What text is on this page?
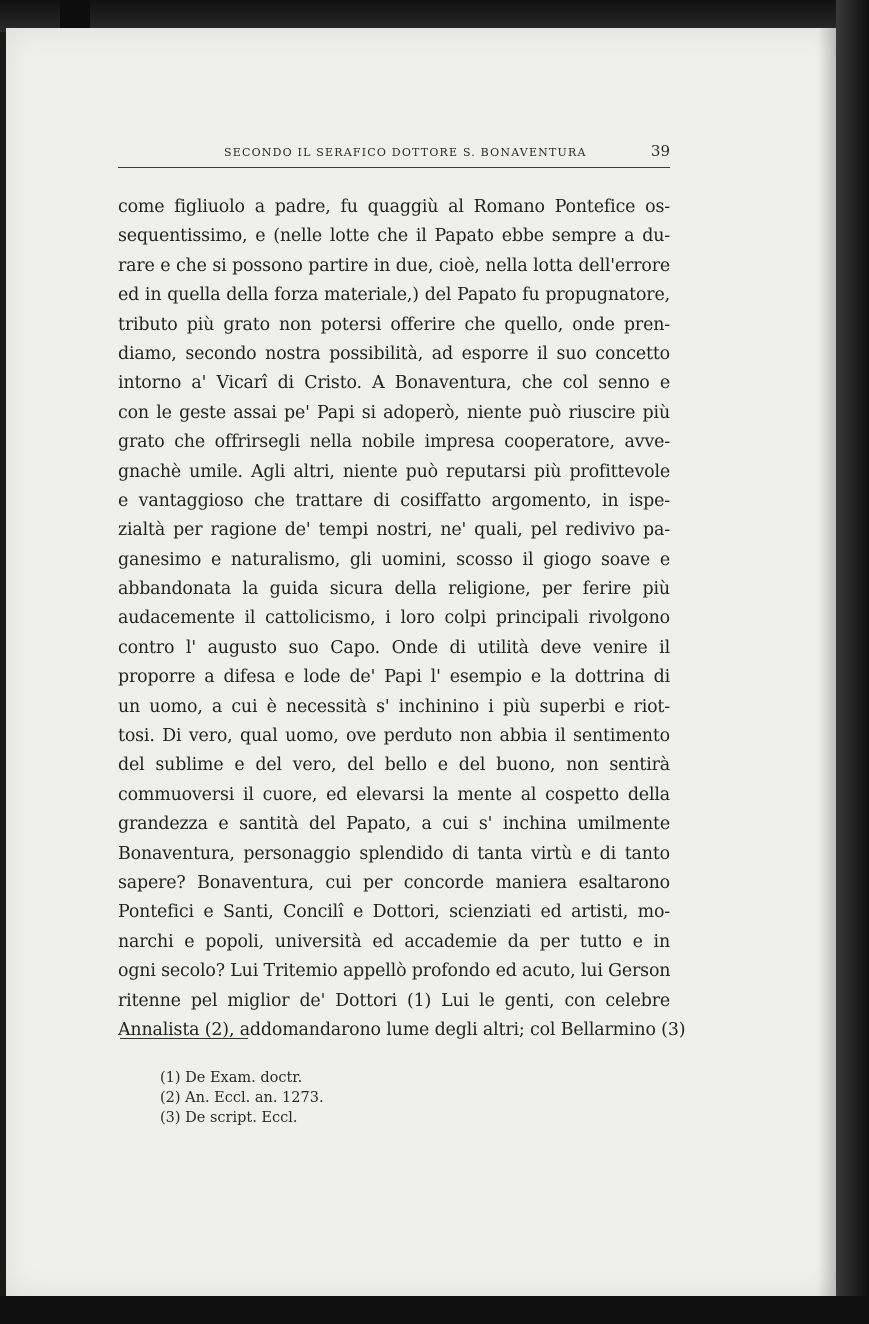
SECONDO IL SERAFICO DOTTORE S. BONAVENTURA	39
come figliuolo a padre, fu quaggiù al Romano Pontefice os-
sequentissimo, e (nelle lotte che il Papato ebbe sempre a du-
rare e che si possono partire in due, cioè, nella lotta dell'errore
ed in quella della forza materiale,) del Papato fu propugnatore,
tributo più grato non potersi offerire che quello, onde pren-
diamo, secondo nostra possibilità, ad esporre il suo concetto
intorno a' Vicarî di Cristo. A Bonaventura, che col senno e
con le geste assai pe' Papi si adoperò, niente può riuscire più
grato che offrirsegli nella nobile impresa cooperatore, avve-
gnachè umile. Agli altri, niente può reputarsi più profittevole
e vantaggioso che trattare di cosiffatto argomento, in ispe-
zialtà per ragione de' tempi nostri, ne' quali, pel redivivo pa-
ganesimo e naturalismo, gli uomini, scosso il giogo soave e
abbandonata la guida sicura della religione, per ferire più
audacemente il cattolicismo, i loro colpi principali rivolgono
contro l' augusto suo Capo. Onde di utilità deve venire il
proporre a difesa e lode de' Papi l' esempio e la dottrina di
un uomo, a cui è necessità s' inchinino i più superbi e riot-
tosi. Di vero, qual uomo, ove perduto non abbia il sentimento
del sublime e del vero, del bello e del buono, non sentirà
commuoversi il cuore, ed elevarsi la mente al cospetto della
grandezza e santità del Papato, a cui s' inchina umilmente
Bonaventura, personaggio splendido di tanta virtù e di tanto
sapere? Bonaventura, cui per concorde maniera esaltarono
Pontefici e Santi, Concilî e Dottori, scienziati ed artisti, mo-
narchi e popoli, università ed accademie da per tutto e in
ogni secolo? Lui Tritemio appellò profondo ed acuto, lui Gerson
ritenne pel miglior de' Dottori (1) Lui le genti, con celebre
Annalista (2), addomandarono lume degli altri; col Bellarmino (3)
(1) De Exam. doctr.
(2) An. Eccl. an. 1273.
(3) De script. Eccl.
